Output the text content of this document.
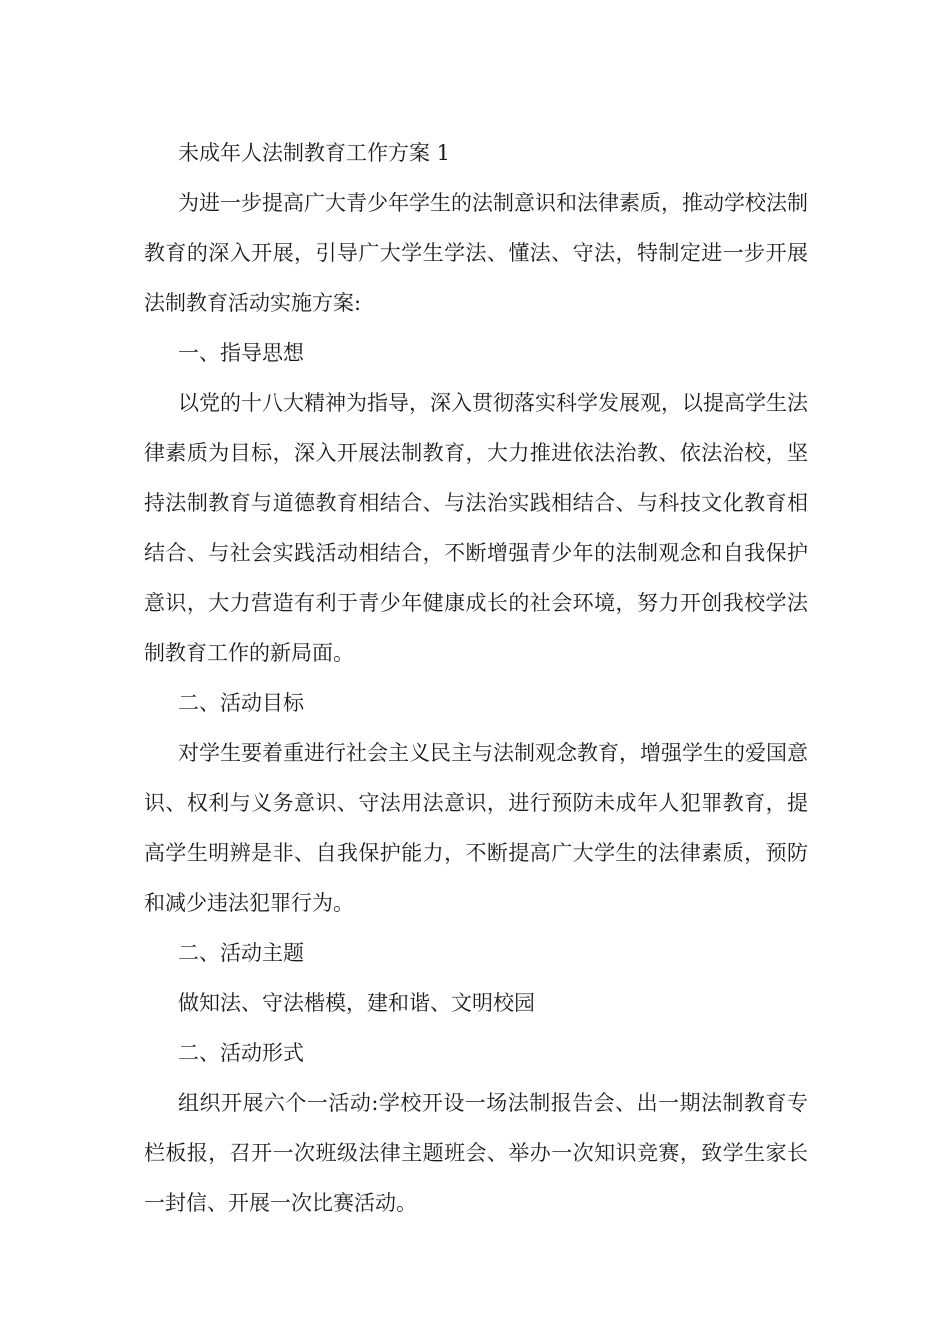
未成年人法制教育工作方案 1

为进一步提高广大青少年学生的法制意识和法律素质，推动学校法制教育的深入开展，引导广大学生学法、懂法、守法，特制定进一步开展法制教育活动实施方案:

一、指导思想

以党的十八大精神为指导，深入贯彻落实科学发展观，以提高学生法律素质为目标，深入开展法制教育，大力推进依法治教、依法治校，坚持法制教育与道德教育相结合、与法治实践相结合、与科技文化教育相结合、与社会实践活动相结合，不断增强青少年的法制观念和自我保护意识，大力营造有利于青少年健康成长的社会环境，努力开创我校学法制教育工作的新局面。

二、活动目标

对学生要着重进行社会主义民主与法制观念教育，增强学生的爱国意识、权利与义务意识、守法用法意识，进行预防未成年人犯罪教育，提高学生明辨是非、自我保护能力，不断提高广大学生的法律素质，预防和减少违法犯罪行为。

二、活动主题

做知法、守法楷模，建和谐、文明校园

二、活动形式

组织开展六个一活动:学校开设一场法制报告会、出一期法制教育专栏板报，召开一次班级法律主题班会、举办一次知识竞赛，致学生家长一封信、开展一次比赛活动。
